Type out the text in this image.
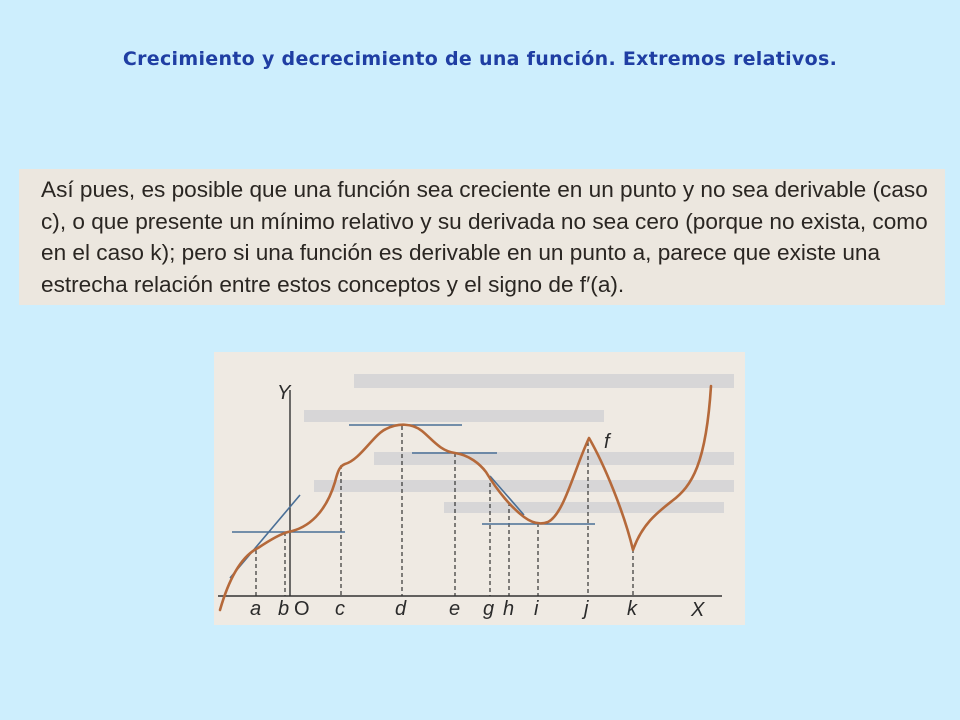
Crecimiento y decrecimiento de una función. Extremos relativos.

Así pues, es posible que una función sea creciente en un punto y no sea derivable (caso
c), o que presente un mínimo relativo y su derivada no sea cero (porque no exista, como
en el caso k); pero si una función es derivable en un punto a, parece que existe una
estrecha relación entre estos conceptos y el signo de f′(a).

Y
X
f
O
a b c	d e g h i j k
